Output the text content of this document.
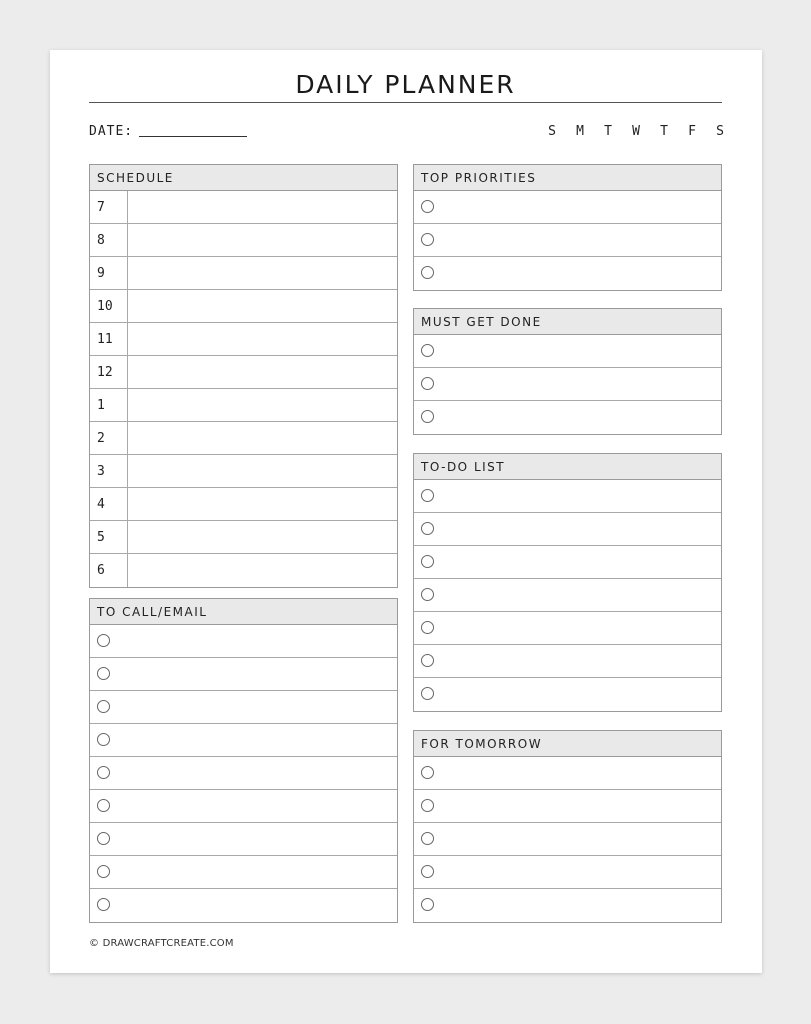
DAILY PLANNER
DATE:	S M T W T F S
SCHEDULE
7
8
9
10
11
12
1
2
3
4
5
6
TO CALL/EMAIL
TOP PRIORITIES
MUST GET DONE
TO-DO LIST
FOR TOMORROW
© DRAWCRAFTCREATE.COM
